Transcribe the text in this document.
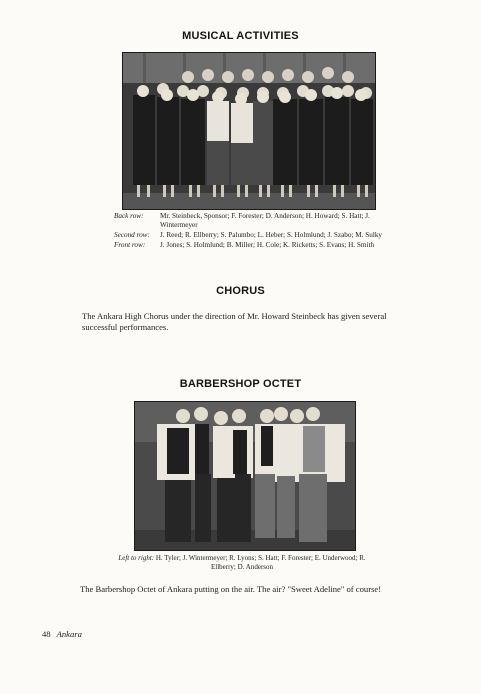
MUSICAL ACTIVITIES
Back row:	Mr. Steinbeck, Sponsor; F. Forester; D. Anderson; H. Howard; S. Hatt; J. Wintermeyer
Second row:	J. Reed; R. Ellberry; S. Palumbo; L. Heber; S. Holmlund; J. Szabo; M. Sulky
Front row:	J. Jones; S. Holmlund; B. Miller; H. Cole; K. Ricketts; S. Evans; H. Smith
CHORUS
The Ankara High Chorus under the direction of Mr. Howard Steinbeck has given several successful performances.
BARBERSHOP OCTET
Left to right: H. Tyler; J. Wintermeyer; R. Lyons; S. Hatt; F. Forester; E. Underwood; R. Ellberry; D. Anderson
The Barbershop Octet of Ankara putting on the air. The air? "Sweet Adeline" of course!
48 Ankara
